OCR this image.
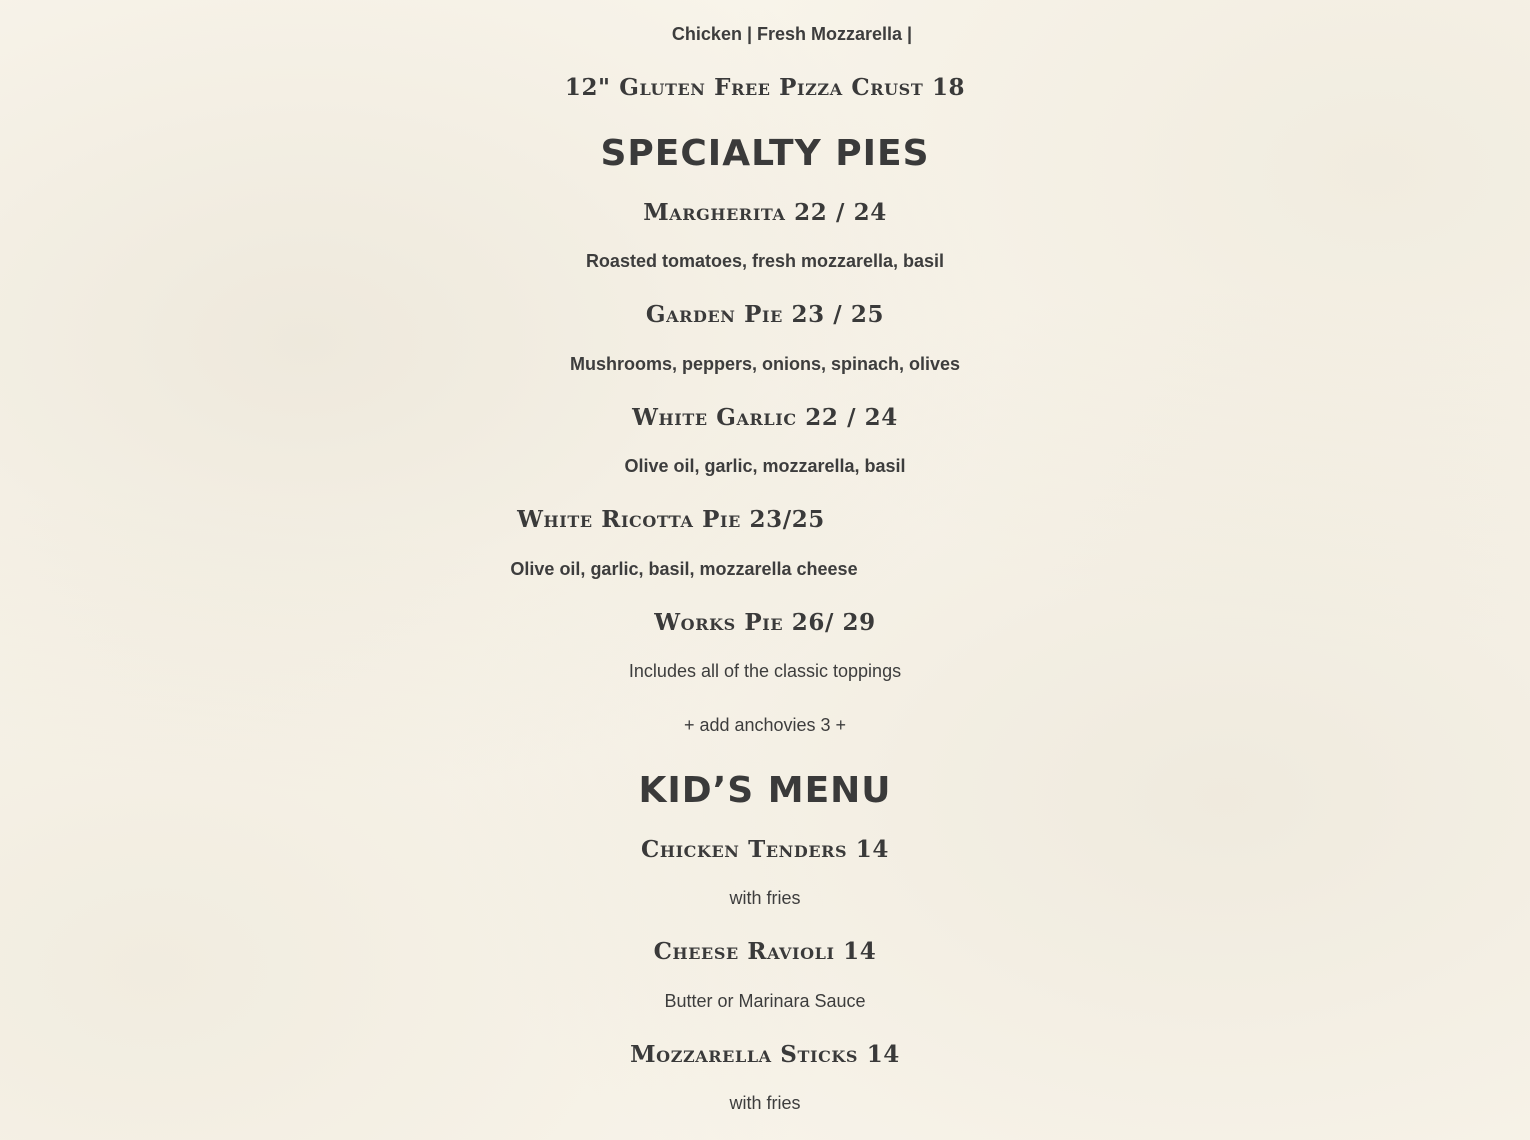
Chicken | Fresh Mozzarella |
12" Gluten Free Pizza Crust 18
SPECIALTY PIES
Margherita 22 / 24
Roasted tomatoes, fresh mozzarella, basil
Garden Pie 23 / 25
Mushrooms, peppers, onions, spinach, olives
White Garlic 22 / 24
Olive oil, garlic, mozzarella, basil
White Ricotta Pie 23/25
Olive oil, garlic, basil, mozzarella cheese
Works Pie 26/ 29
Includes all of the classic toppings
+ add anchovies 3 +
KID’S MENU
Chicken Tenders 14
with fries
Cheese Ravioli 14
Butter or Marinara Sauce
Mozzarella Sticks 14
with fries
